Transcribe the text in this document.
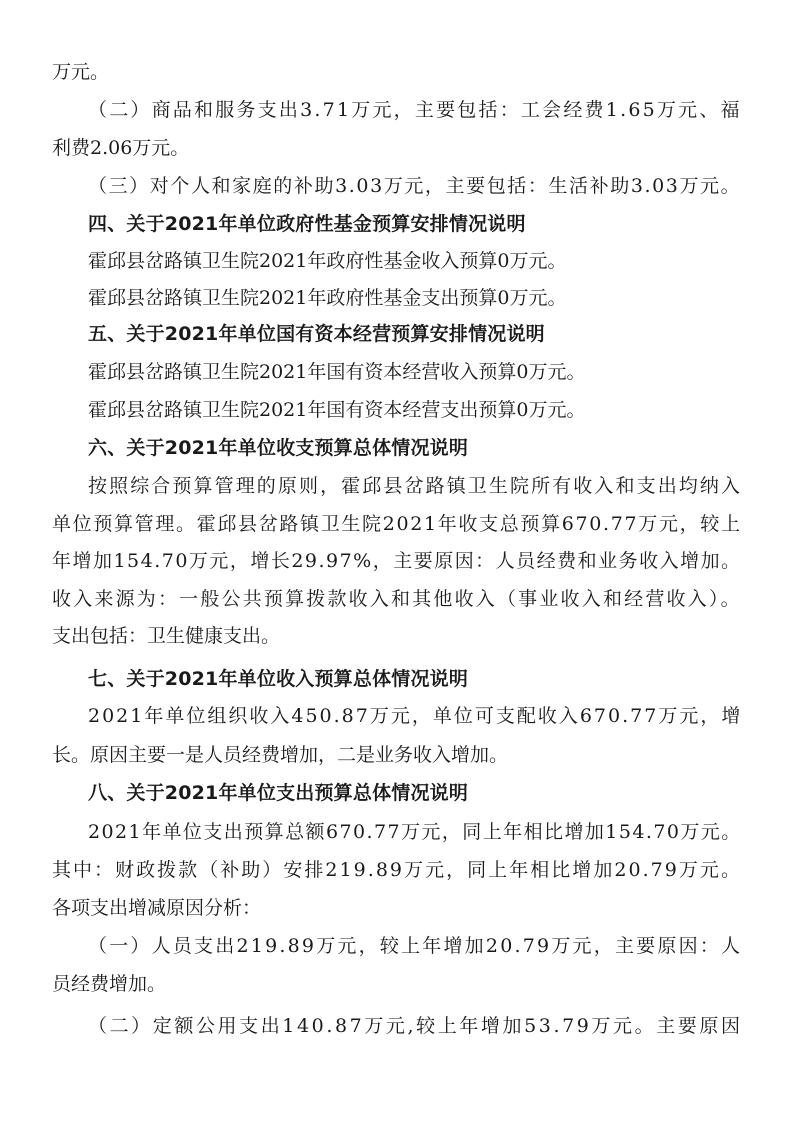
万元。
（二）商品和服务支出3.71万元，主要包括：工会经费1.65万元、福
利费2.06万元。
（三）对个人和家庭的补助3.03万元，主要包括：生活补助3.03万元。
四、关于2021年单位政府性基金预算安排情况说明
霍邱县岔路镇卫生院2021年政府性基金收入预算0万元。
霍邱县岔路镇卫生院2021年政府性基金支出预算0万元。
五、关于2021年单位国有资本经营预算安排情况说明
霍邱县岔路镇卫生院2021年国有资本经营收入预算0万元。
霍邱县岔路镇卫生院2021年国有资本经营支出预算0万元。
六、关于2021年单位收支预算总体情况说明
按照综合预算管理的原则，霍邱县岔路镇卫生院所有收入和支出均纳入
单位预算管理。霍邱县岔路镇卫生院2021年收支总预算670.77万元，较上
年增加154.70万元，增长29.97%，主要原因：人员经费和业务收入增加。
收入来源为：一般公共预算拨款收入和其他收入（事业收入和经营收入）。
支出包括：卫生健康支出。
七、关于2021年单位收入预算总体情况说明
2021年单位组织收入450.87万元，单位可支配收入670.77万元，增
长。原因主要一是人员经费增加，二是业务收入增加。
八、关于2021年单位支出预算总体情况说明
2021年单位支出预算总额670.77万元，同上年相比增加154.70万元。
其中：财政拨款（补助）安排219.89万元，同上年相比增加20.79万元。
各项支出增减原因分析：
（一）人员支出219.89万元，较上年增加20.79万元，主要原因：人
员经费增加。
（二）定额公用支出140.87万元,较上年增加53.79万元。主要原因
